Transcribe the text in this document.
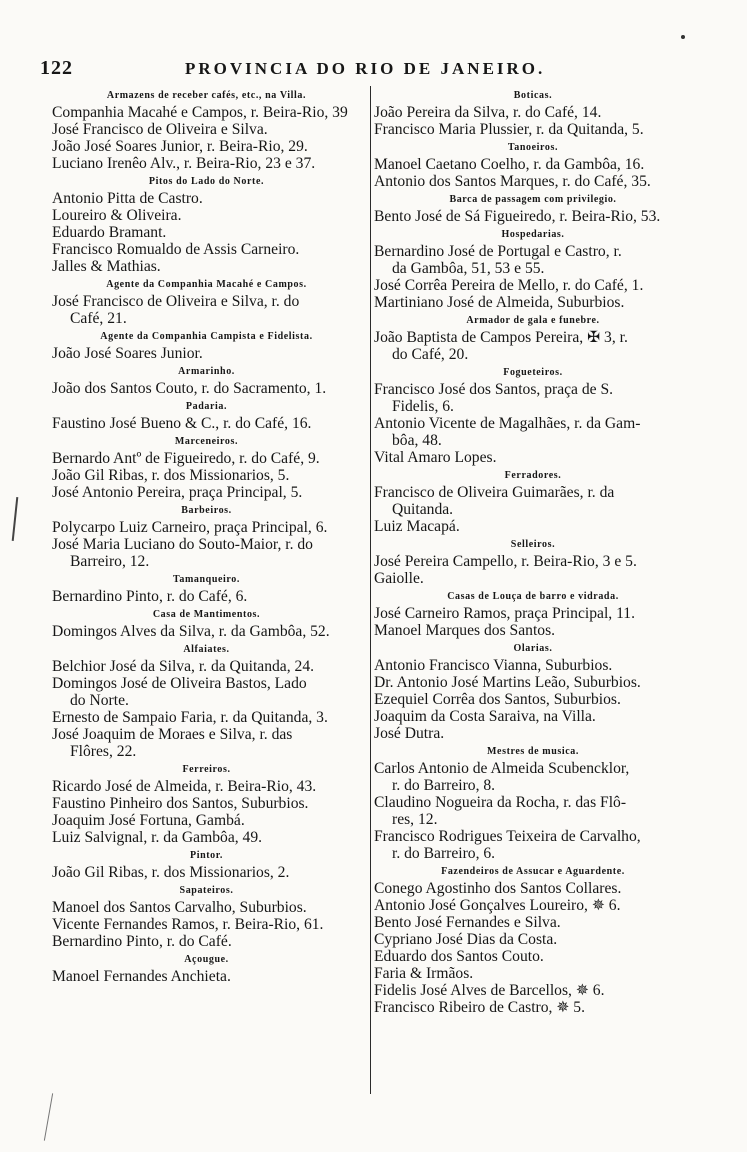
122	PROVINCIA DO RIO DE JANEIRO.
Armazens de receber cafés, etc., na Villa.

Companhia Macahé e Campos, r. Beira-Rio, 39

José Francisco de Oliveira e Silva.

João José Soares Junior, r. Beira-Rio, 29.

Luciano Irenêo Alv., r. Beira-Rio, 23 e 37.

Pitos do Lado do Norte.

Antonio Pitta de Castro.

Loureiro & Oliveira.

Eduardo Bramant.

Francisco Romualdo de Assis Carneiro.

Jalles & Mathias.

Agente da Companhia Macahé e Campos.

José Francisco de Oliveira e Silva, r. do
Café, 21.

Agente da Companhia Campista e Fidelista.

João José Soares Junior.

Armarinho.

João dos Santos Couto, r. do Sacramento, 1.

Padaria.

Faustino José Bueno & C., r. do Café, 16.

Marceneiros.

Bernardo Antº de Figueiredo, r. do Café, 9.

João Gil Ribas, r. dos Missionarios, 5.

José Antonio Pereira, praça Principal, 5.

Barbeiros.

Polycarpo Luiz Carneiro, praça Principal, 6.

José Maria Luciano do Souto-Maior, r. do
Barreiro, 12.

Tamanqueiro.

Bernardino Pinto, r. do Café, 6.

Casa de Mantimentos.

Domingos Alves da Silva, r. da Gambôa, 52.

Alfaiates.

Belchior José da Silva, r. da Quitanda, 24.

Domingos José de Oliveira Bastos, Lado
do Norte.

Ernesto de Sampaio Faria, r. da Quitanda, 3.

José Joaquim de Moraes e Silva, r. das
Flôres, 22.

Ferreiros.

Ricardo José de Almeida, r. Beira-Rio, 43.

Faustino Pinheiro dos Santos, Suburbios.

Joaquim José Fortuna, Gambá.

Luiz Salvignal, r. da Gambôa, 49.

Pintor.

João Gil Ribas, r. dos Missionarios, 2.

Sapateiros.

Manoel dos Santos Carvalho, Suburbios.

Vicente Fernandes Ramos, r. Beira-Rio, 61.

Bernardino Pinto, r. do Café.

Açougue.

Manoel Fernandes Anchieta.

Boticas.

João Pereira da Silva, r. do Café, 14.

Francisco Maria Plussier, r. da Quitanda, 5.

Tanoeiros.

Manoel Caetano Coelho, r. da Gambôa, 16.

Antonio dos Santos Marques, r. do Café, 35.

Barca de passagem com privilegio.

Bento José de Sá Figueiredo, r. Beira-Rio, 53.

Hospedarias.

Bernardino José de Portugal e Castro, r.
da Gambôa, 51, 53 e 55.

José Corrêa Pereira de Mello, r. do Café, 1.

Martiniano José de Almeida, Suburbios.

Armador de gala e funebre.

João Baptista de Campos Pereira, ✠ 3, r.
do Café, 20.

Fogueteiros.

Francisco José dos Santos, praça de S.
Fidelis, 6.

Antonio Vicente de Magalhães, r. da Gam-
bôa, 48.

Vital Amaro Lopes.

Ferradores.

Francisco de Oliveira Guimarães, r. da
Quitanda.

Luiz Macapá.

Selleiros.

José Pereira Campello, r. Beira-Rio, 3 e 5.

Gaiolle.

Casas de Louça de barro e vidrada.

José Carneiro Ramos, praça Principal, 11.

Manoel Marques dos Santos.

Olarias.

Antonio Francisco Vianna, Suburbios.

Dr. Antonio José Martins Leão, Suburbios.

Ezequiel Corrêa dos Santos, Suburbios.

Joaquim da Costa Saraiva, na Villa.

José Dutra.

Mestres de musica.

Carlos Antonio de Almeida Scubencklor,
r. do Barreiro, 8.

Claudino Nogueira da Rocha, r. das Flô-
res, 12.

Francisco Rodrigues Teixeira de Carvalho,
r. do Barreiro, 6.

Fazendeiros de Assucar e Aguardente.

Conego Agostinho dos Santos Collares.

Antonio José Gonçalves Loureiro, ✵ 6.

Bento José Fernandes e Silva.

Cypriano José Dias da Costa.

Eduardo dos Santos Couto.

Faria & Irmãos.

Fidelis José Alves de Barcellos, ✵ 6.

Francisco Ribeiro de Castro, ✵ 5.
